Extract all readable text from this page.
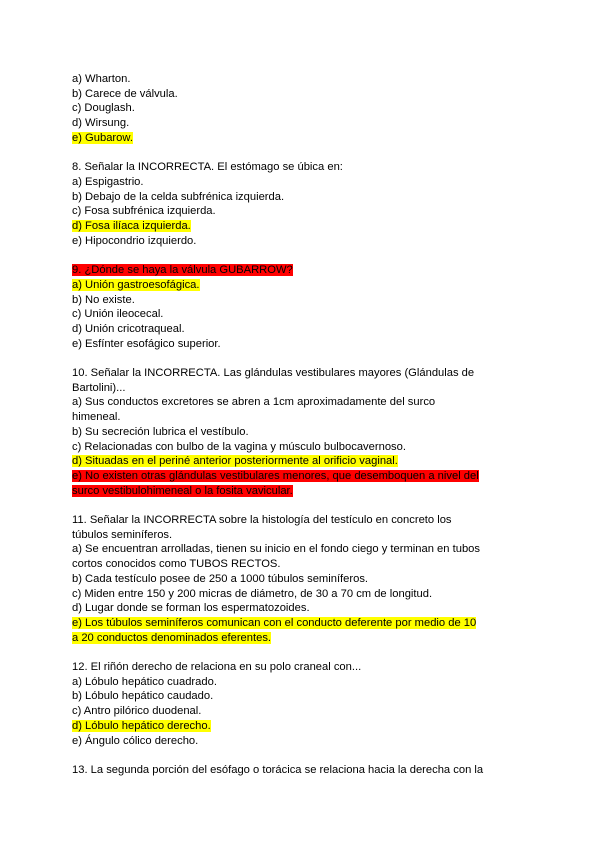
a) Wharton.
b) Carece de válvula.
c) Douglash.
d) Wirsung.
e) Gubarow.
8. Señalar la INCORRECTA. El estómago se úbica en:
a) Espigastrio.
b) Debajo de la celda subfrénica izquierda.
c) Fosa subfrénica izquierda.
d) Fosa ilíaca izquierda.
e) Hipocondrio izquierdo.
9. ¿Dónde se haya la válvula GUBARROW?
a) Unión gastroesofágica.
b) No existe.
c) Unión ileocecal.
d) Unión cricotraqueal.
e) Esfínter esofágico superior.
10. Señalar la INCORRECTA. Las glándulas vestibulares mayores (Glándulas de
Bartolini)...
a) Sus conductos excretores se abren a 1cm aproximadamente del surco
himeneal.
b) Su secreción lubrica el vestíbulo.
c) Relacionadas con bulbo de la vagina y músculo bulbocavernoso.
d) Situadas en el periné anterior posteriormente al orificio vaginal.
e) No existen otras glándulas vestibulares menores, que desemboquen a nivel del
surco vestibulohimeneal o la fosita vavicular.
11. Señalar la INCORRECTA sobre la histología del testículo en concreto los
túbulos seminíferos.
a) Se encuentran arrolladas, tienen su inicio en el fondo ciego y terminan en tubos
cortos conocidos como TUBOS RECTOS.
b) Cada testículo posee de 250 a 1000 túbulos seminíferos.
c) Miden entre 150 y 200 micras de diámetro, de 30 a 70 cm de longitud.
d) Lugar donde se forman los espermatozoides.
e) Los túbulos seminíferos comunican con el conducto deferente por medio de 10
a 20 conductos denominados eferentes.
12. El riñón derecho de relaciona en su polo craneal con...
a) Lóbulo hepático cuadrado.
b) Lóbulo hepático caudado.
c) Antro pilórico duodenal.
d) Lóbulo hepático derecho.
e) Ángulo cólico derecho.
13. La segunda porción del esófago o torácica se relaciona hacia la derecha con la
